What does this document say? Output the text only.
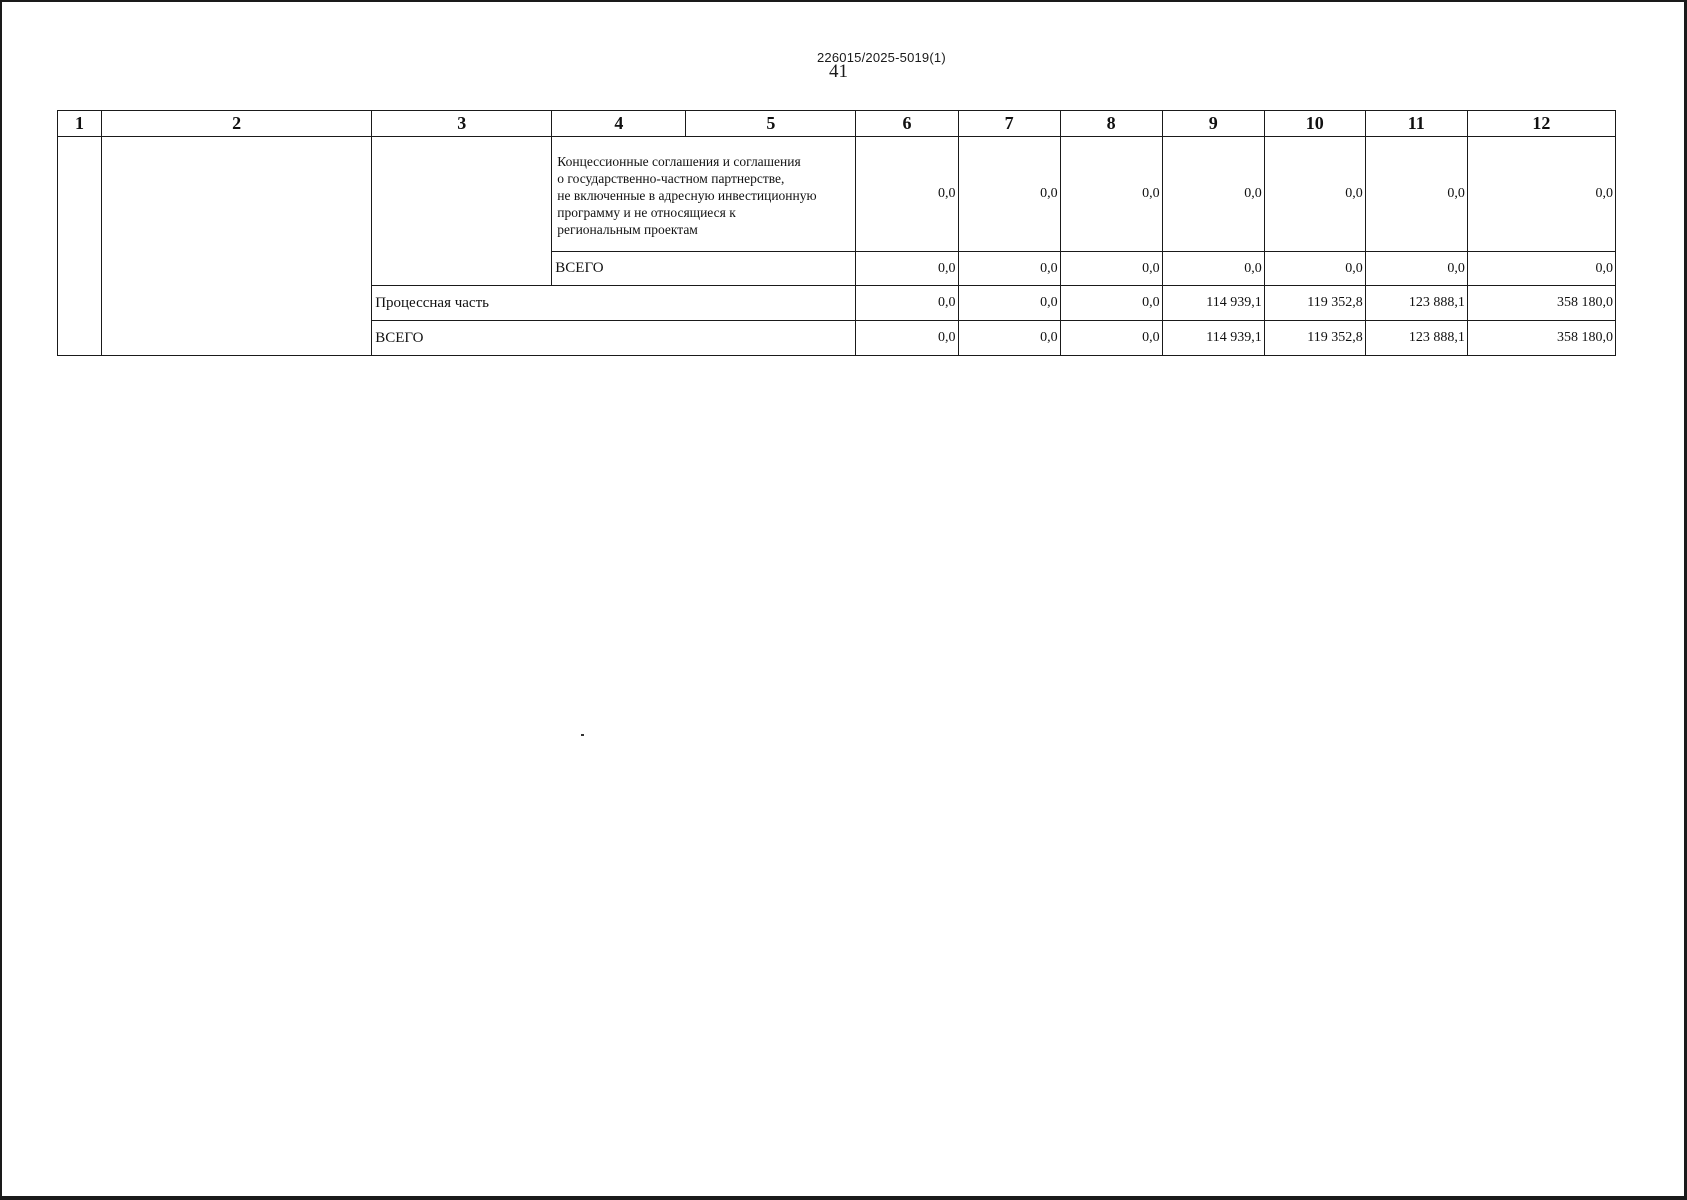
226015/2025-5019(1)
41
1	2	3	4	5	6	7	8	9	10	11	12
			Концессионные соглашения и соглашения
о государственно-частном партнерстве,
не включенные в адресную инвестиционную
программу и не относящиеся к
региональным проектам		0,0	0,0	0,0	0,0	0,0	0,0	0,0
			ВСЕГО		0,0	0,0	0,0	0,0	0,0	0,0	0,0
		Процессная часть			0,0	0,0	0,0	114 939,1	119 352,8	123 888,1	358 180,0
		ВСЕГО			0,0	0,0	0,0	114 939,1	119 352,8	123 888,1	358 180,0
